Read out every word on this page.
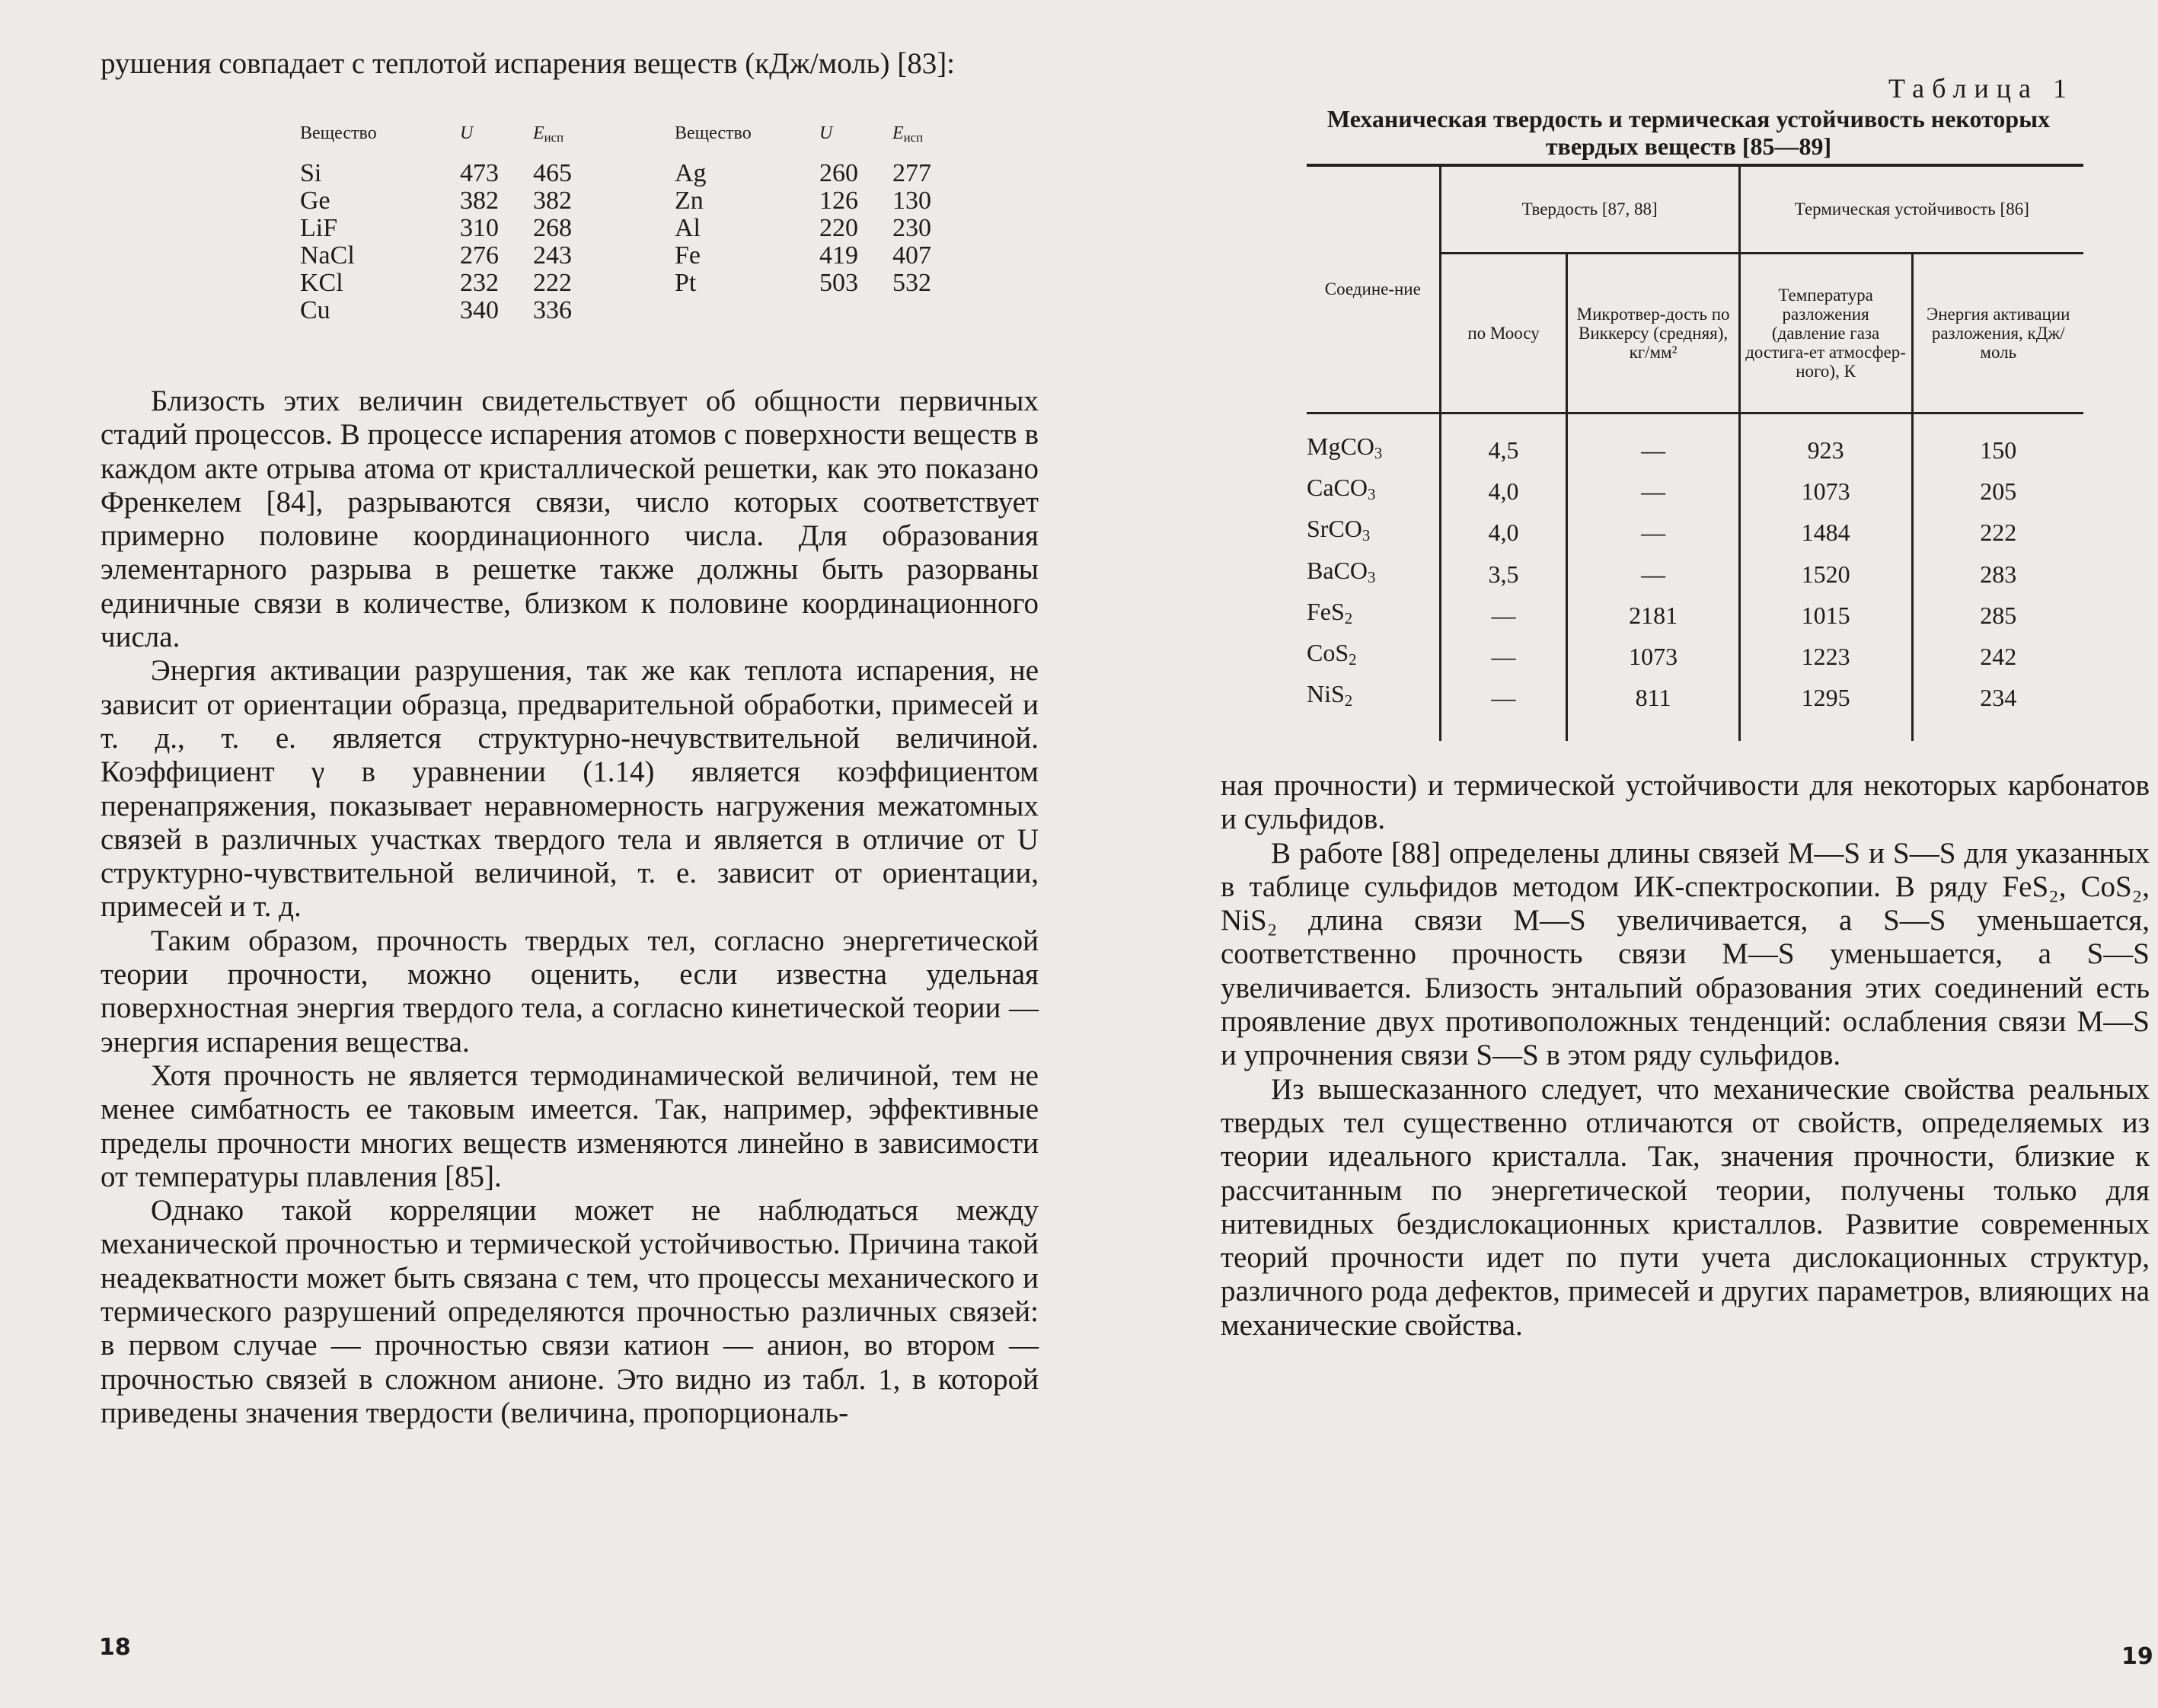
рушения совпадает с теплотой испарения веществ (кДж/моль) [83]:

Вещество	U	$E_{исп}$	Вещество	U	$E_{исп}$
Si	473	465	Ag	260	277
Ge	382	382	Zn	126	130
LiF	310	268	Al	220	230
NaCl	276	243	Fe	419	407
KCl	232	222	Pt	503	532
Cu	340	336			

Близость этих величин свидетельствует об общности первичных стадий процессов. В процессе испарения атомов с поверхности веществ в каждом акте отрыва атома от кристаллической решетки, как это показано Френкелем [84], разрываются связи, число которых соответствует примерно половине координационного числа. Для образования элементарного разрыва в решетке также должны быть разорваны единичные связи в количестве, близком к половине координационного числа.

Энергия активации разрушения, так же как теплота испарения, не зависит от ориентации образца, предварительной обработки, примесей и т. д., т. е. является структурно-нечувствительной величиной. Коэффициент γ в уравнении (1.14) является коэффициентом перенапряжения, показывает неравномерность нагружения межатомных связей в различных участках твердого тела и является в отличие от U структурно-чувствительной величиной, т. е. зависит от ориентации, примесей и т. д.

Таким образом, прочность твердых тел, согласно энергетической теории прочности, можно оценить, если известна удельная поверхностная энергия твердого тела, а согласно кинетической теории — энергия испарения вещества.

Хотя прочность не является термодинамической величиной, тем не менее симбатность ее таковым имеется. Так, например, эффективные пределы прочности многих веществ изменяются линейно в зависимости от температуры плавления [85].

Однако такой корреляции может не наблюдаться между механической прочностью и термической устойчивостью. Причина такой неадекватности может быть связана с тем, что процессы механического и термического разрушений определяются прочностью различных связей: в первом случае — прочностью связи катион — анион, во втором — прочностью связей в сложном анионе. Это видно из табл. 1, в которой приведены значения твердости (величина, пропорциональ-

18
Таблица 1
Механическая твердость и термическая устойчивость некоторых твердых веществ [85—89]
Соедине-ние	Твердость [87, 88]		Термическая устойчивость [86]	
	по Моосу	Микротвер-дость по Виккерсу (средняя), кг/мм²	Температура разложения (давление газа достига-ет атмосфер-ного), К	Энергия активации разложения, кДж/моль

MgCO$_3$	4,5	—	923	150
CaCO$_3$	4,0	—	1073	205
SrCO$_3$	4,0	—	1484	222
BaCO$_3$	3,5	—	1520	283
FeS$_2$	—	2181	1015	285
CoS$_2$	—	1073	1223	242
NiS$_2$	—	811	1295	234

ная прочности) и термической устойчивости для некоторых карбонатов и сульфидов.

В работе [88] определены длины связей M—S и S—S для указанных в таблице сульфидов методом ИК-спектроскопии. В ряду FeS₂, CoS₂, NiS₂ длина связи M—S увеличивается, а S—S уменьшается, соответственно прочность связи M—S уменьшается, а S—S увеличивается. Близость энтальпий образования этих соединений есть проявление двух противоположных тенденций: ослабления связи M—S и упрочнения связи S—S в этом ряду сульфидов.

Из вышесказанного следует, что механические свойства реальных твердых тел существенно отличаются от свойств, определяемых из теории идеального кристалла. Так, значения прочности, близкие к рассчитанным по энергетической теории, получены только для нитевидных бездислокационных кристаллов. Развитие современных теорий прочности идет по пути учета дислокационных структур, различного рода дефектов, примесей и других параметров, влияющих на механические свойства.

19
